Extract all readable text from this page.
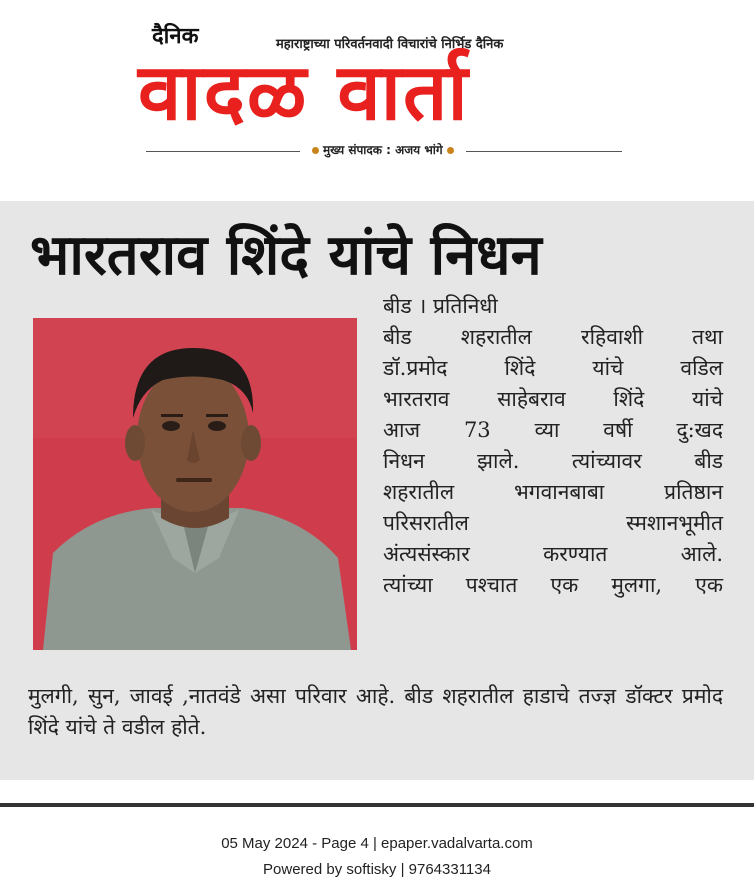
दैनिक	महाराष्ट्राच्या परिवर्तनवादी विचारांचे निर्भिड दैनिक
वादळ वार्ता
मुख्य संपादक : अजय भांगे
भारतराव शिंदे यांचे निधन

बीड । प्रतिनिधी

बीड शहरातील रहिवाशी तथा

डॉ.प्रमोद शिंदे यांचे वडिल

भारतराव साहेबराव शिंदे यांचे

आज 73 व्या वर्षी दु:खद

निधन झाले. त्यांच्यावर बीड

शहरातील भगवानबाबा प्रतिष्ठान

परिसरातील स्मशानभूमीत

अंत्यसंस्कार करण्यात आले.

त्यांच्या पश्चात एक मुलगा, एक

मुलगी, सुन, जावई ,नातवंडे असा परिवार आहे. बीड शहरातील हाडाचे तज्ज्ञ डॉक्टर प्रमोद शिंदे यांचे ते वडील होते.

05 May 2024 - Page 4 | epaper.vadalvarta.com
Powered by softisky | 9764331134
